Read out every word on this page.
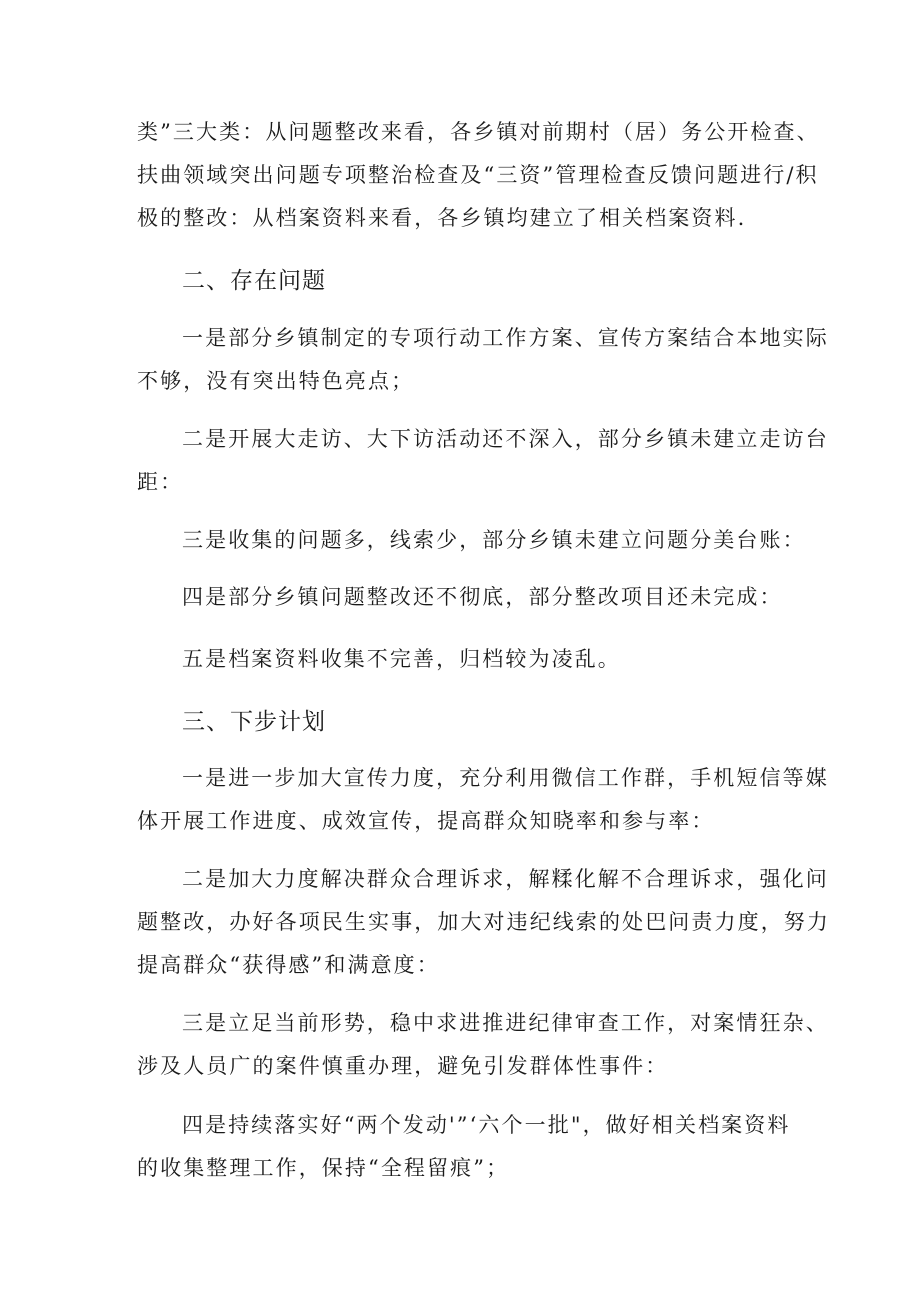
类”三大类：从问题整改来看，各乡镇对前期村（居）务公开检查、
扶曲领域突出问题专项整治检查及“三资”管理检查反馈问题进行/积
极的整改：从档案资料来看，各乡镇均建立了相关档案资料.
二、存在问题
一是部分乡镇制定的专项行动工作方案、宣传方案结合本地实际
不够，没有突出特色亮点；
二是开展大走访、大下访活动还不深入，部分乡镇未建立走访台
距：
三是收集的问题多，线索少，部分乡镇未建立问题分美台账：
四是部分乡镇问题整改还不彻底，部分整改项目还未完成：
五是档案资料收集不完善，归档较为凌乱。
三、下步计划
一是进一步加大宣传力度，充分利用微信工作群，手机短信等媒
体开展工作进度、成效宣传，提高群众知晓率和参与率：
二是加大力度解决群众合理诉求，解糅化解不合理诉求，强化问
题整改，办好各项民生实事，加大对违纪线索的处巴问责力度，努力
提高群众“获得感”和满意度：
三是立足当前形势，稳中求进推进纪律审查工作，对案情狂杂、
涉及人员广的案件慎重办理，避免引发群体性事件：
四是持续落实好“两个发动'”‘六个一批"，做好相关档案资料
的收集整理工作，保持“全程留痕”；
